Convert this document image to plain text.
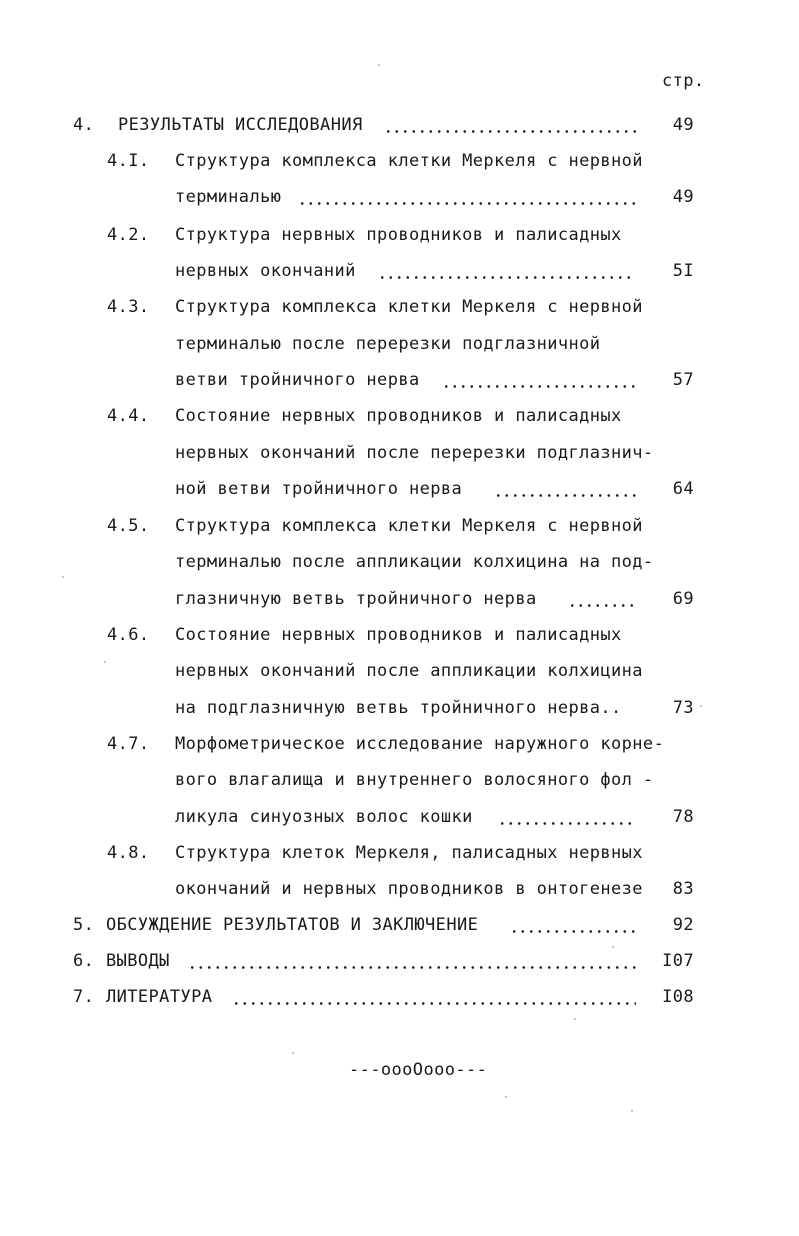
стр.
4. РЕЗУЛЬТАТЫ ИССЛЕДОВАНИЯ	49
4.I. Структура комплекса клетки Меркеля с нервной
терминалью	49
4.2. Структура нервных проводников и палисадных
нервных окончаний	5I
4.3. Структура комплекса клетки Меркеля с нервной
терминалью после перерезки подглазничной
ветви тройничного нерва	57
4.4. Состояние нервных проводников и палисадных
нервных окончаний после перерезки подглазнич-
ной ветви тройничного нерва	64
4.5. Структура комплекса клетки Меркеля с нервной
терминалью после аппликации колхицина на под-
глазничную ветвь тройничного нерва	69
4.6. Состояние нервных проводников и палисадных
нервных окончаний после аппликации колхицина
на подглазничную ветвь тройничного нерва..	73
4.7. Морфометрическое исследование наружного корне-
вого влагалища и внутреннего волосяного фол -
ликула синуозных волос кошки	78
4.8. Структура клеток Меркеля, палисадных нервных
окончаний и нервных проводников в онтогенезе	83
5. ОБСУЖДЕНИЕ РЕЗУЛЬТАТОВ И ЗАКЛЮЧЕНИЕ	92
6. ВЫВОДЫ	I07
7. ЛИТЕРАТУРА	I08
---oooOooo---
